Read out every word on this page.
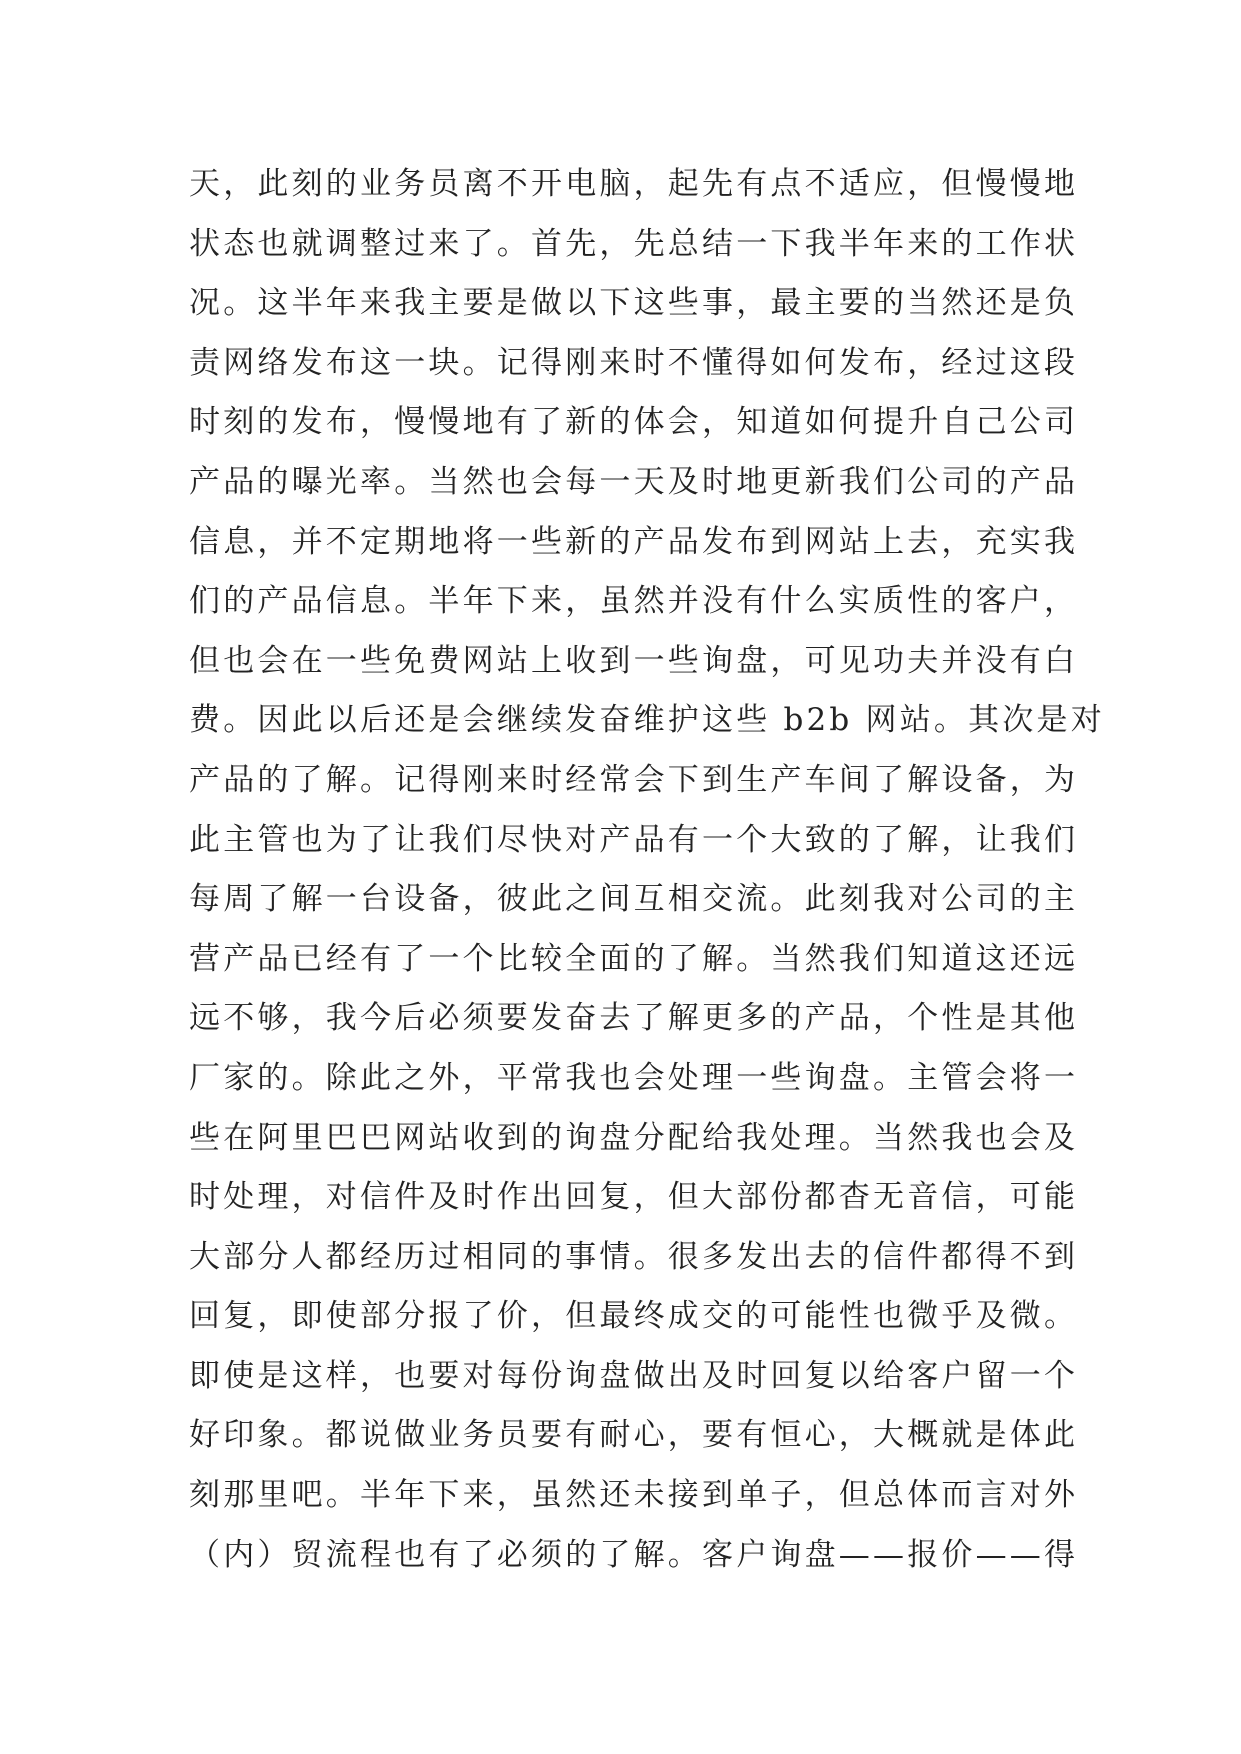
天，此刻的业务员离不开电脑，起先有点不适应，但慢慢地
状态也就调整过来了。首先，先总结一下我半年来的工作状
况。这半年来我主要是做以下这些事，最主要的当然还是负
责网络发布这一块。记得刚来时不懂得如何发布，经过这段
时刻的发布，慢慢地有了新的体会，知道如何提升自己公司
产品的曝光率。当然也会每一天及时地更新我们公司的产品
信息，并不定期地将一些新的产品发布到网站上去，充实我
们的产品信息。半年下来，虽然并没有什么实质性的客户，
但也会在一些免费网站上收到一些询盘，可见功夫并没有白
费。因此以后还是会继续发奋维护这些 b2b 网站。其次是对
产品的了解。记得刚来时经常会下到生产车间了解设备，为
此主管也为了让我们尽快对产品有一个大致的了解，让我们
每周了解一台设备，彼此之间互相交流。此刻我对公司的主
营产品已经有了一个比较全面的了解。当然我们知道这还远
远不够，我今后必须要发奋去了解更多的产品，个性是其他
厂家的。除此之外，平常我也会处理一些询盘。主管会将一
些在阿里巴巴网站收到的询盘分配给我处理。当然我也会及
时处理，对信件及时作出回复，但大部份都杳无音信，可能
大部分人都经历过相同的事情。很多发出去的信件都得不到
回复，即使部分报了价，但最终成交的可能性也微乎及微。
即使是这样，也要对每份询盘做出及时回复以给客户留一个
好印象。都说做业务员要有耐心，要有恒心，大概就是体此
刻那里吧。半年下来，虽然还未接到单子，但总体而言对外
（内）贸流程也有了必须的了解。客户询盘——报价——得
